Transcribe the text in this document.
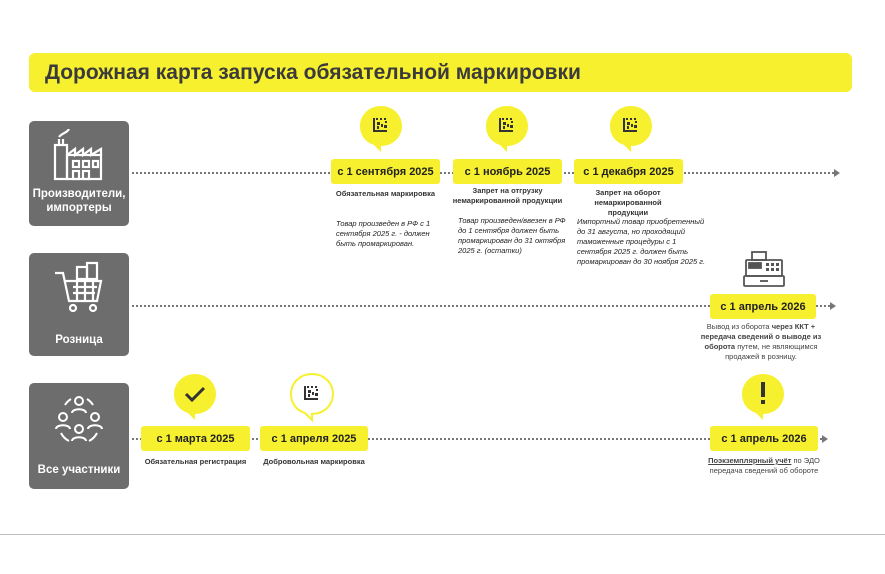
Дорожная карта запуска обязательной маркировки
Производители, импортеры
с 1 сентября 2025	с 1 ноябрь 2025	с 1 декабря 2025
Обязательная маркировка	Запрет на отгрузку немаркированной продукции
Запрет на оборот немаркированной продукции
Товар произведен в РФ с 1 сентября 2025 г. - должен быть промаркирован.
Товар произведен/ввезен в РФ до 1 сентября должен быть промаркирован до 31 октября 2025 г. (остатки)
Импортный товар приобретенный до 31 августа, но проходящий таможенные процедуры с 1 сентября 2025 г. должен быть промаркирован до 30 ноября 2025 г.
Розница
с 1 апрель 2026
Вывод из оборота через ККТ + передача сведений о выводе из оборота путем, не являющимся продажей в розницу.
Все участники
с 1 марта 2025	с 1 апреля 2025	с 1 апрель 2026
Обязательная регистрация	Добровольная маркировка	Поэкземплярный учёт по ЭДО
передача сведений об обороте
